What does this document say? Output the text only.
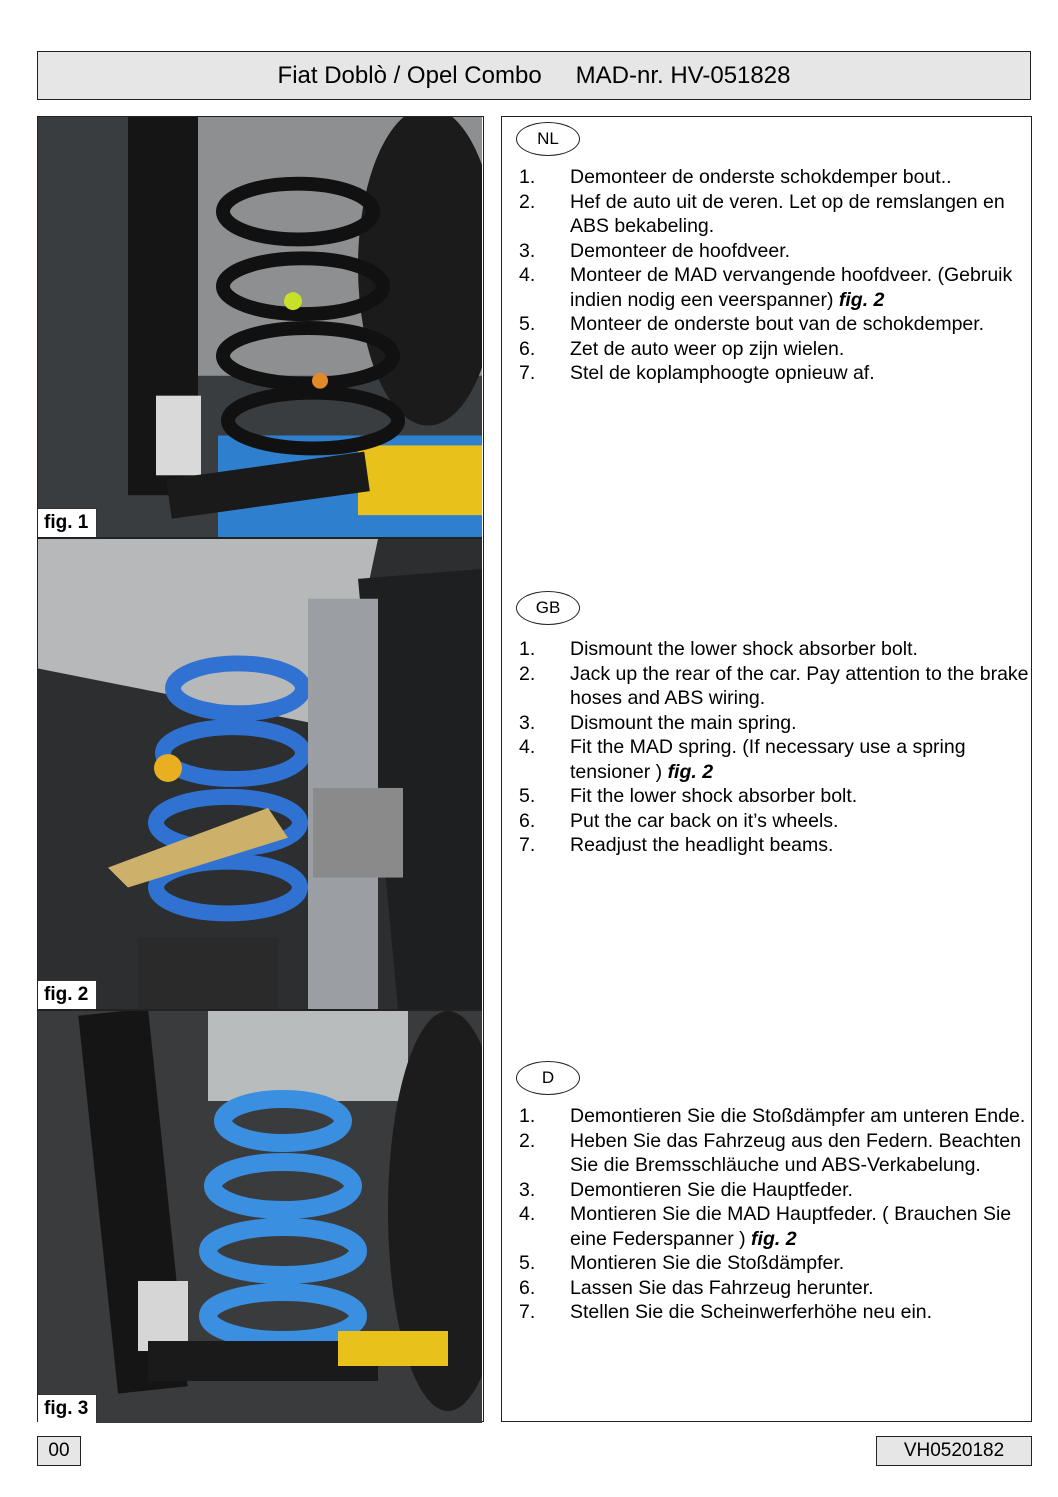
Fiat Doblò / Opel Combo MAD-nr. HV-051828
fig. 1
fig. 2
fig. 3
NL
1. Demonteer de onderste schokdemper bout..
2. Hef de auto uit de veren. Let op de remslangen en ABS bekabeling.
3. Demonteer de hoofdveer.
4. Monteer de MAD vervangende hoofdveer. (Gebruik indien nodig een veerspanner) fig. 2
5. Monteer de onderste bout van de schokdemper.
6. Zet de auto weer op zijn wielen.
7. Stel de koplamphoogte opnieuw af.
GB
1. Dismount the lower shock absorber bolt.
2. Jack up the rear of the car. Pay attention to the brake hoses and ABS wiring.
3. Dismount the main spring.
4. Fit the MAD spring. (If necessary use a spring tensioner ) fig. 2
5. Fit the lower shock absorber bolt.
6. Put the car back on it’s wheels.
7. Readjust the headlight beams.
D
1. Demontieren Sie die Stoßdämpfer am unteren Ende.
2. Heben Sie das Fahrzeug aus den Federn. Beachten Sie die Bremsschläuche und ABS-Verkabelung.
3. Demontieren Sie die Hauptfeder.
4. Montieren Sie die MAD Hauptfeder. ( Brauchen Sie eine Federspanner ) fig. 2
5. Montieren Sie die Stoßdämpfer.
6. Lassen Sie das Fahrzeug herunter.
7. Stellen Sie die Scheinwerferhöhe neu ein.
00	VH0520182
